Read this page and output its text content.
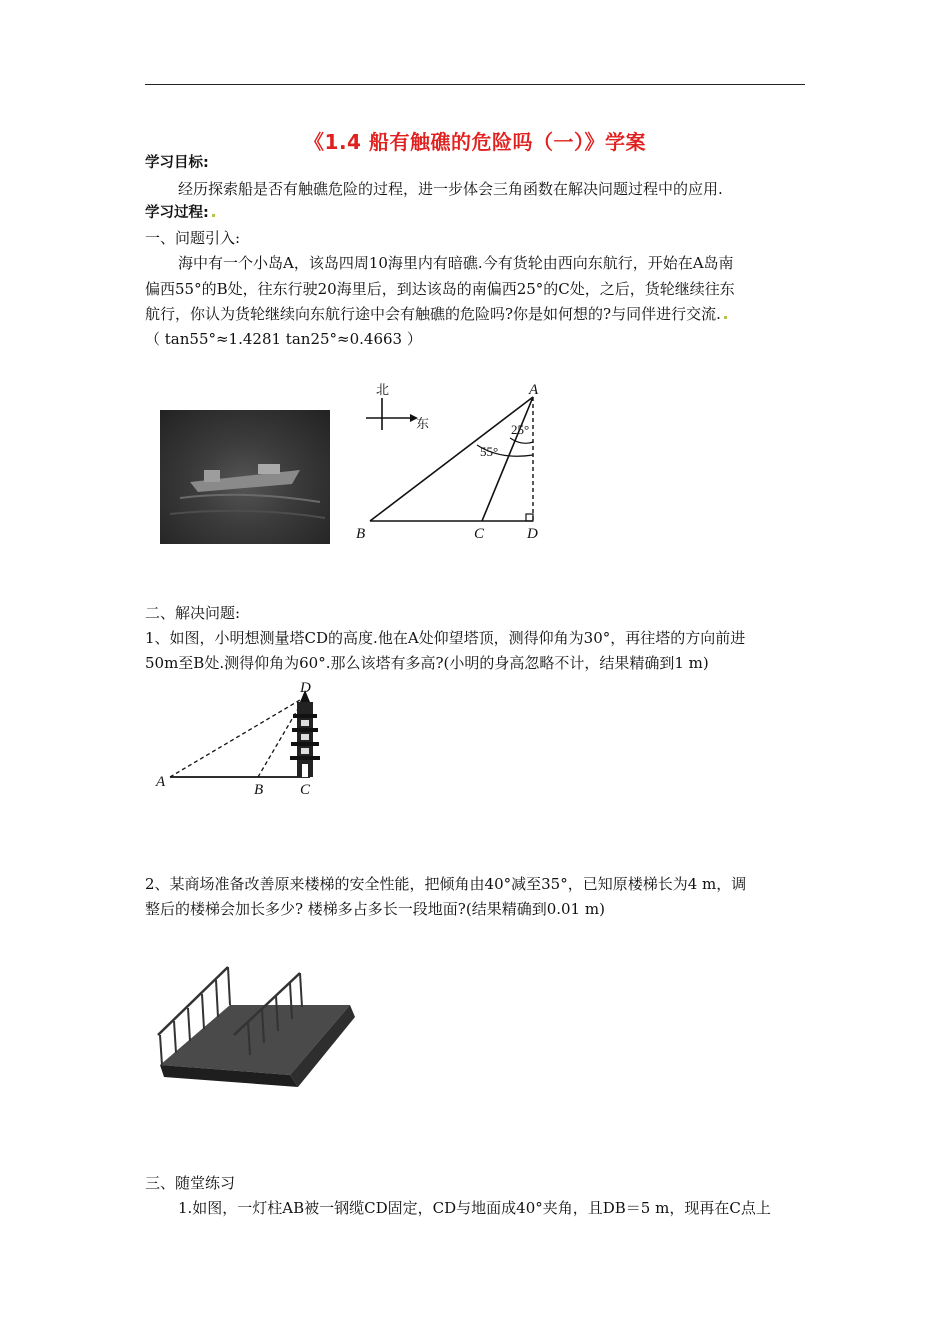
《1.4 船有触礁的危险吗（一）》学案
学习目标:
经历探索船是否有触礁危险的过程，进一步体会三角函数在解决问题过程中的应用.
学习过程:
一、问题引入:
海中有一个小岛A，该岛四周10海里内有暗礁.今有货轮由西向东航行，开始在A岛南
偏西55°的B处，往东行驶20海里后，到达该岛的南偏西25°的C处，之后，货轮继续往东
航行，你认为货轮继续向东航行途中会有触礁的危险吗?你是如何想的?与同伴进行交流.
（ tan55°≈1.4281 tan25°≈0.4663 ）
北
东
55°
25°
A
B	C	D
二、解决问题:
1、如图，小明想测量塔CD的高度.他在A处仰望塔顶，测得仰角为30°，再往塔的方向前进
50m至B处.测得仰角为60°.那么该塔有多高?(小明的身高忽略不计，结果精确到1 m)
D
A	B C
2、某商场准备改善原来楼梯的安全性能，把倾角由40°减至35°，已知原楼梯长为4 m，调
整后的楼梯会加长多少? 楼梯多占多长一段地面?(结果精确到0.01 m)
三、随堂练习
1.如图，一灯柱AB被一钢缆CD固定，CD与地面成40°夹角，且DB＝5 m，现再在C点上
